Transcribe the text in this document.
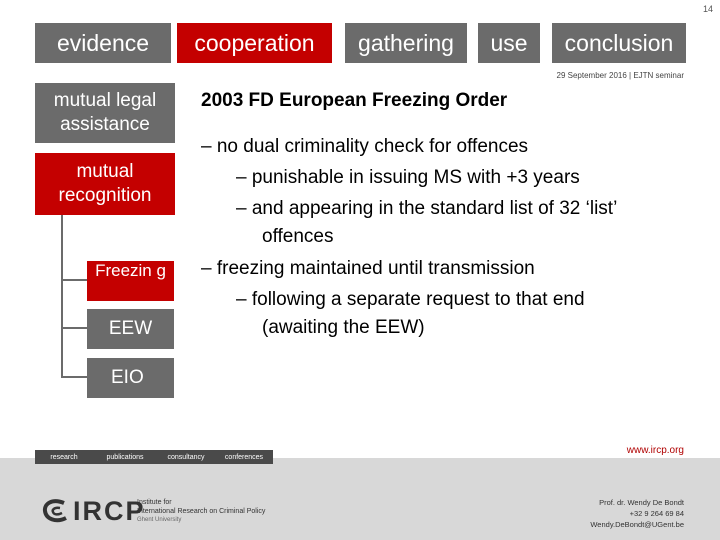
14
evidence	cooperation	gathering	use	conclusion
29 September 2016 | EJTN seminar
mutual legal assistance
mutual recognition
Freezin g
EEW
EIO
2003 FD European Freezing Order
– no dual criminality check for offences
– punishable in issuing MS with +3 years
– and appearing in the standard list of 32 ‘list’
offences
– freezing maintained until transmission
– following a separate request to that end
(awaiting the EEW)
research	publications	consultancy	conferences
www.ircp.org
IRCP
Institute for
International Research on Criminal Policy
Ghent University
Prof. dr. Wendy De Bondt
+32 9 264 69 84
Wendy.DeBondt@UGent.be
